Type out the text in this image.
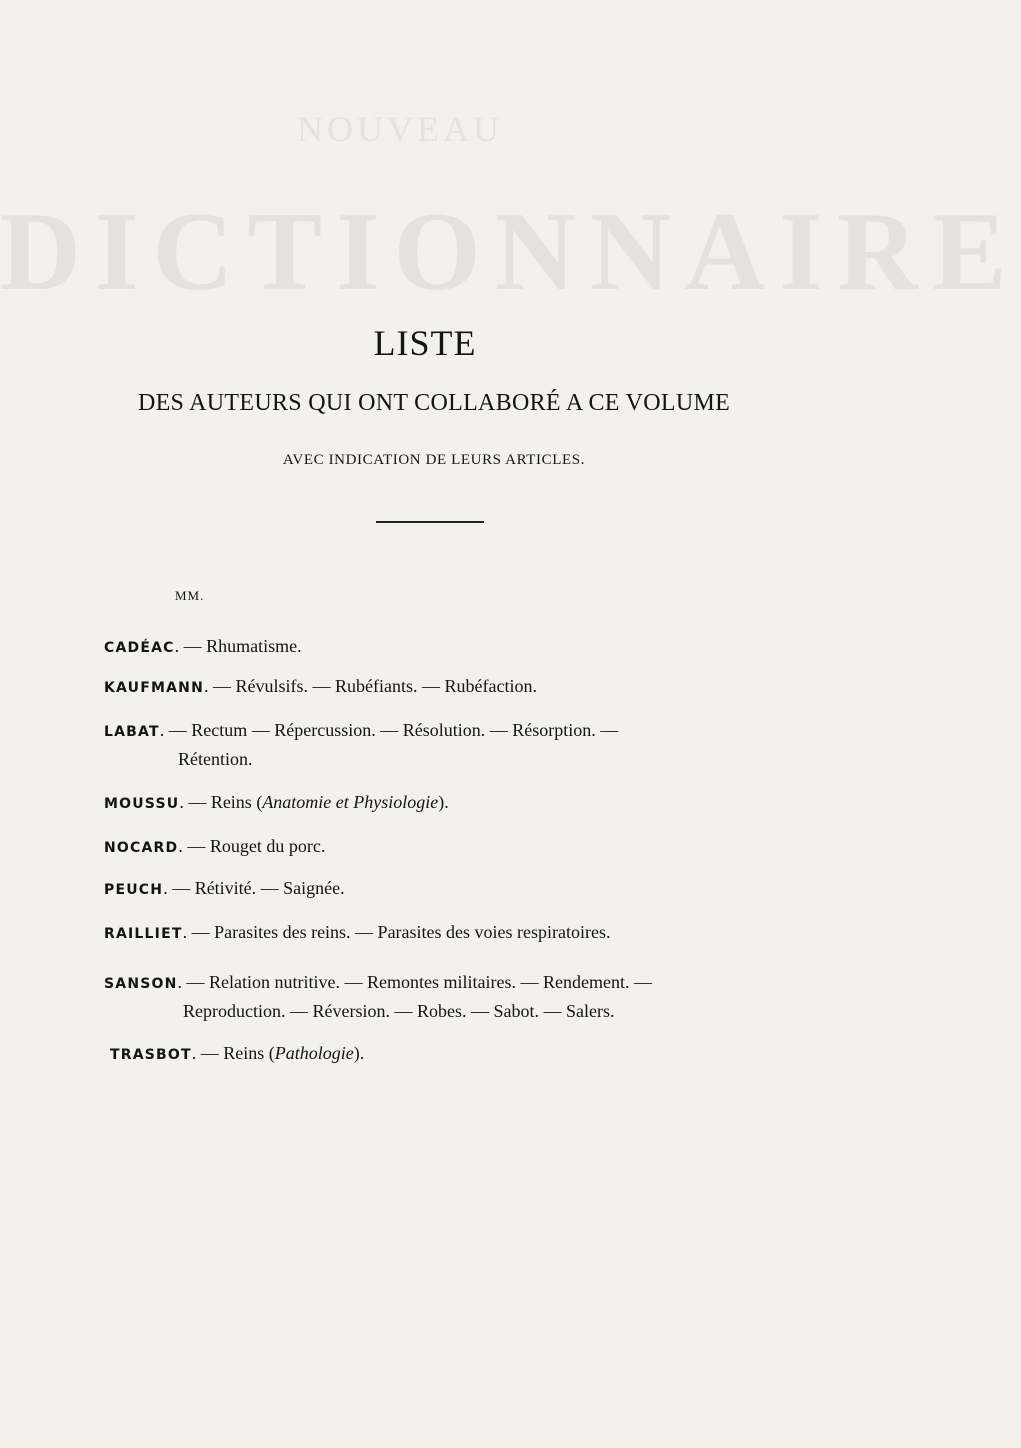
NOUVEAU
DICTIONNAIRE
LISTE
DES AUTEURS QUI ONT COLLABORÉ A CE VOLUME
AVEC INDICATION DE LEURS ARTICLES.
MM.
CADÉAC. — Rhumatisme.
KAUFMANN. — Révulsifs. — Rubéfiants. — Rubéfaction.
LABAT. — Rectum — Répercussion. — Résolution. — Résorption. —
Rétention.
MOUSSU. — Reins (Anatomie et Physiologie).
NOCARD. — Rouget du porc.
PEUCH. — Rétivité. — Saignée.
RAILLIET. — Parasites des reins. — Parasites des voies respiratoires.
SANSON. — Relation nutritive. — Remontes militaires. — Rendement. —
Reproduction. — Réversion. — Robes. — Sabot. — Salers.
TRASBOT. — Reins (Pathologie).
